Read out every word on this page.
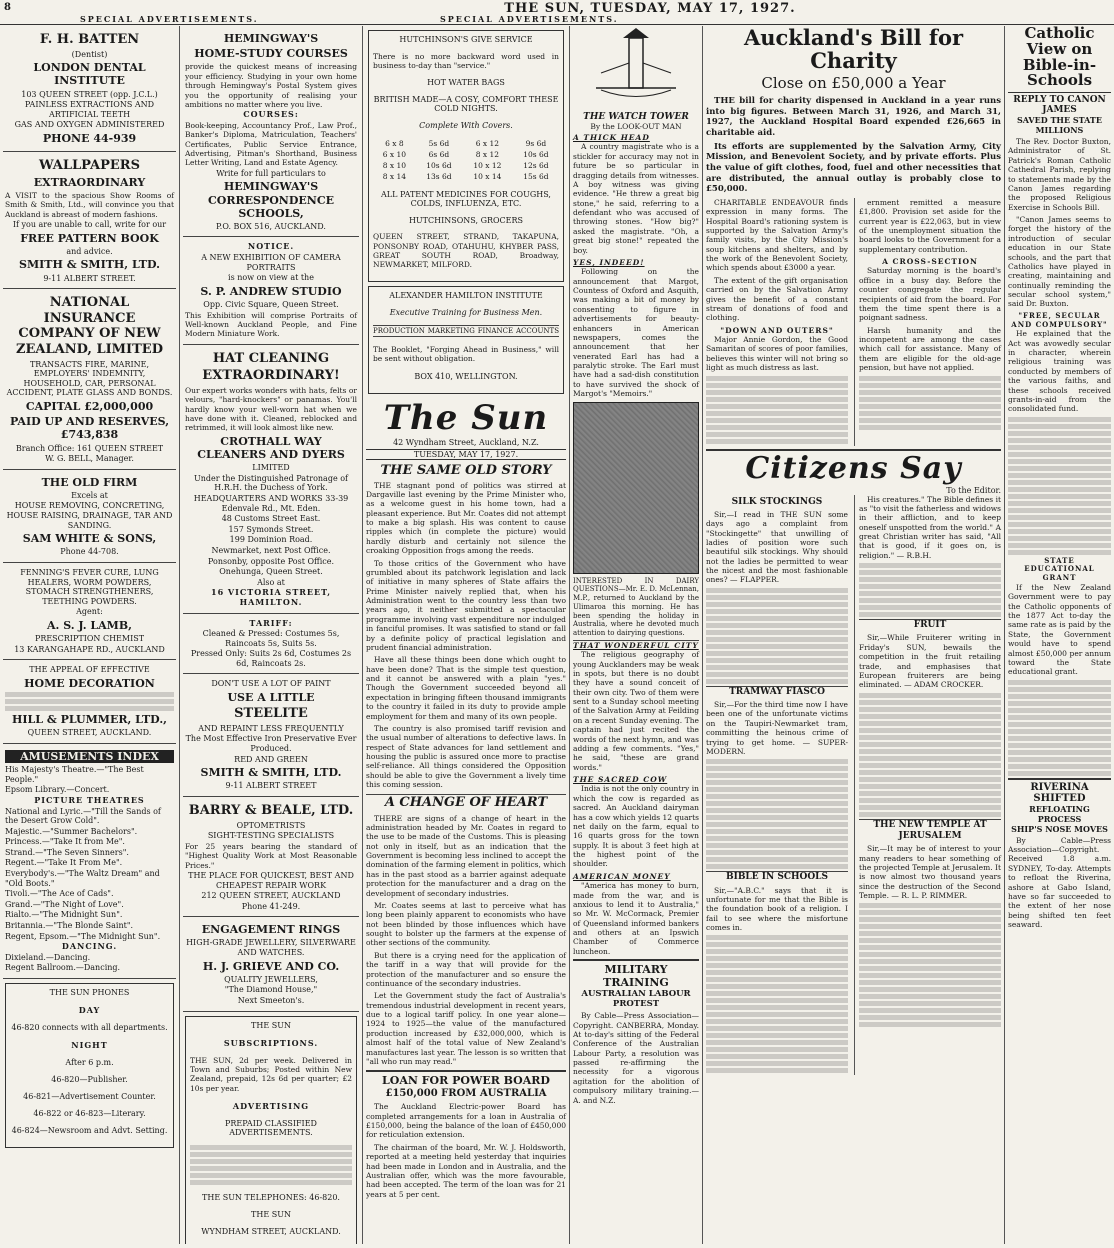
8	THE SUN, TUESDAY, MAY 17, 1927.
SPECIAL ADVERTISEMENTS.	SPECIAL ADVERTISEMENTS.
F. H. BATTEN

(Dentist)

LONDON DENTAL INSTITUTE

103 QUEEN STREET (opp. J.C.L.)

PAINLESS EXTRACTIONS AND ARTIFICIAL TEETH

GAS AND OXYGEN ADMINISTERED

PHONE 44-939
WALLPAPERS
EXTRAORDINARY

A VISIT to the spacious Show Rooms of Smith & Smith, Ltd., will convince you that Auckland is abreast of modern fashions.

If you are unable to call, write for our

FREE PATTERN BOOK

and advice.

SMITH & SMITH, LTD.

9-11 ALBERT STREET.

NATIONAL INSURANCE COMPANY OF NEW ZEALAND, LIMITED

TRANSACTS FIRE, MARINE, EMPLOYERS' INDEMNITY, HOUSEHOLD, CAR, PERSONAL ACCIDENT, PLATE GLASS AND BONDS.

CAPITAL £2,000,000
PAID UP AND RESERVES, £743,838

Branch Office: 161 QUEEN STREET

W. G. BELL, Manager.

THE OLD FIRM

Excels at

HOUSE REMOVING, CONCRETING, HOUSE RAISING, DRAINAGE, TAR AND SANDING.

SAM WHITE & SONS,

Phone 44-708.

FENNING'S FEVER CURE, LUNG HEALERS, WORM POWDERS, STOMACH STRENGTHENERS, TEETHING POWDERS.

Agent:

A. S. J. LAMB,

PRESCRIPTION CHEMIST

13 KARANGAHAPE RD., AUCKLAND

THE APPEAL OF EFFECTIVE

HOME DECORATION
HILL & PLUMMER, LTD.,

QUEEN STREET, AUCKLAND.

AMUSEMENTS INDEX

His Majesty's Theatre.—"The Best People."

Epsom Library.—Concert.

PICTURE THEATRES

National and Lyric.—"Till the Sands of the Desert Grow Cold".

Majestic.—"Summer Bachelors".

Princess.—"Take It from Me".

Strand.—"The Seven Sinners".

Regent.—"Take It From Me".

Everybody's.—"The Waltz Dream" and "Old Boots."

Tivoli.—"The Ace of Cads".

Grand.—"The Night of Love".

Rialto.—"The Midnight Sun".

Britannia.—"The Blonde Saint".

Regent, Epsom.—"The Midnight Sun".

DANCING.

Dixieland.—Dancing.

Regent Ballroom.—Dancing.

THE SUN PHONES

DAY

46-820 connects with all departments.

NIGHT

After 6 p.m.

46-820—Publisher.

46-821—Advertisement Counter.

46-822 or 46-823—Literary.

46-824—Newsroom and Advt. Setting.

HEMINGWAY'S
HOME-STUDY COURSES

provide the quickest means of increasing your efficiency. Studying in your own home through Hemingway's Postal System gives you the opportunity of realising your ambitions no matter where you live.

COURSES:

Book-keeping, Accountancy Prof., Law Prof., Banker's Diploma, Matriculation, Teachers' Certificates, Public Service Entrance, Advertising, Pitman's Shorthand, Business Letter Writing, Land and Estate Agency.

Write for full particulars to

HEMINGWAY'S CORRESPONDENCE SCHOOLS,

P.O. BOX 516, AUCKLAND.

NOTICE.

A NEW EXHIBITION OF CAMERA PORTRAITS

is now on view at the

S. P. ANDREW STUDIO

Opp. Civic Square, Queen Street.

This Exhibition will comprise Portraits of Well-known Auckland People, and Fine Modern Miniature Work.

HAT CLEANING
EXTRAORDINARY!

Our expert works wonders with hats, felts or velours, "hard-knockers" or panamas. You'll hardly know your well-worn hat when we have done with it. Cleaned, reblocked and retrimmed, it will look almost like new.

CROTHALL WAY CLEANERS AND DYERS

LIMITED

Under the Distinguished Patronage of H.R.H. the Duchess of York.

HEADQUARTERS AND WORKS 33-39 Edenvale Rd., Mt. Eden.

48 Customs Street East.

157 Symonds Street.

199 Dominion Road.

Newmarket, next Post Office.

Ponsonby, opposite Post Office.

Onehunga, Queen Street.

Also at

16 VICTORIA STREET, HAMILTON.

TARIFF:

Cleaned & Pressed: Costumes 5s, Raincoats 5s, Suits 5s.

Pressed Only: Suits 2s 6d, Costumes 2s 6d, Raincoats 2s.

DON'T USE A LOT OF PAINT

USE A LITTLE
STEELITE

AND REPAINT LESS FREQUENTLY

The Most Effective Iron Preservative Ever Produced.

RED AND GREEN

SMITH & SMITH, LTD.

9-11 ALBERT STREET

BARRY & BEALE, LTD.

OPTOMETRISTS

SIGHT-TESTING SPECIALISTS

For 25 years bearing the standard of "Highest Quality Work at Most Reasonable Prices."

THE PLACE FOR QUICKEST, BEST AND CHEAPEST REPAIR WORK

212 QUEEN STREET, AUCKLAND

Phone 41-249.

ENGAGEMENT RINGS

HIGH-GRADE JEWELLERY, SILVERWARE AND WATCHES.

H. J. GRIEVE AND CO.

QUALITY JEWELLERS,

"The Diamond House,"

Next Smeeton's.

THE SUN

SUBSCRIPTIONS.

THE SUN, 2d per week. Delivered in Town and Suburbs; Posted within New Zealand, prepaid, 12s 6d per quarter; £2 10s per year.

ADVERTISING

PREPAID CLASSIFIED ADVERTISEMENTS.

THE SUN TELEPHONES: 46-820.

THE SUN

WYNDHAM STREET, AUCKLAND.

HUTCHINSON'S GIVE SERVICE

There is no more backward word used in business to-day than "service."

HOT WATER BAGS

BRITISH MADE—A COSY, COMFORT THESE COLD NIGHTS.

Complete With Covers.

6 x 8	5s 6d	6 x 12	9s 6d
6 x 10	6s 6d	8 x 12	10s 6d
8 x 10	10s 6d	10 x 12	12s 6d
8 x 14	13s 6d	10 x 14	15s 6d

ALL PATENT MEDICINES FOR COUGHS, COLDS, INFLUENZA, ETC.

HUTCHINSONS, GROCERS

QUEEN STREET, STRAND, TAKAPUNA, PONSONBY ROAD, OTAHUHU, KHYBER PASS, GREAT SOUTH ROAD, Broadway, NEWMARKET, MILFORD.

ALEXANDER HAMILTON INSTITUTE

Executive Training for Business Men.

PRODUCTION MARKETING FINANCE ACCOUNTS

The Booklet, "Forging Ahead in Business," will be sent without obligation.

BOX 410, WELLINGTON.

The Sun
42 Wyndham Street, Auckland, N.Z.
TUESDAY, MAY 17, 1927.
THE SAME OLD STORY

THE stagnant pond of politics was stirred at Dargaville last evening by the Prime Minister who, as a welcome guest in his home town, had a pleasant experience. But Mr. Coates did not attempt to make a big splash. His was content to cause ripples which (in complete the picture) would hardly disturb and certainly not silence the croaking Opposition frogs among the reeds.

To those critics of the Government who have grumbled about its patchwork legislation and lack of initiative in many spheres of State affairs the Prime Minister naively replied that, when his Administration went to the country less than two years ago, it neither submitted a spectacular programme involving vast expenditure nor indulged in fanciful promises. It was satisfied to stand or fall by a definite policy of practical legislation and prudent financial administration.

Have all these things been done which ought to have been done? That is the simple test question, and it cannot be answered with a plain "yes." Though the Government succeeded beyond all expectation in bringing fifteen thousand immigrants to the country it failed in its duty to provide ample employment for them and many of its own people.

The country is also promised tariff revision and the usual number of alterations to defective laws. In respect of State advances for land settlement and housing the public is assured once more to practise self-reliance. All things considered the Opposition should be able to give the Government a lively time this coming session.

A CHANGE OF HEART

THERE are signs of a change of heart in the administration headed by Mr. Coates in regard to the use to be made of the Customs. This is pleasing not only in itself, but as an indication that the Government is becoming less inclined to accept the domination of the farming element in politics, which has in the past stood as a barrier against adequate protection for the manufacturer and a drag on the development of secondary industries.

Mr. Coates seems at last to perceive what has long been plainly apparent to economists who have not been blinded by those influences which have sought to bolster up the farmers at the expense of other sections of the community.

But there is a crying need for the application of the tariff in a way that will provide for the protection of the manufacturer and so ensure the continuance of the secondary industries.

Let the Government study the fact of Australia's tremendous industrial development in recent years, due to a logical tariff policy. In one year alone—1924 to 1925—the value of the manufactured production increased by £32,000,000, which is almost half of the total value of New Zealand's manufactures last year. The lesson is so written that "all who run may read."

LOAN FOR POWER BOARD
£150,000 FROM AUSTRALIA

The Auckland Electric-power Board has completed arrangements for a loan in Australia of £150,000, being the balance of the loan of £450,000 for reticulation extension.

The chairman of the board, Mr. W. J. Holdsworth, reported at a meeting held yesterday that inquiries had been made in London and in Australia, and the Australian offer, which was the more favourable, had been accepted. The term of the loan was for 21 years at 5 per cent.

THE WATCH TOWER
By the LOOK-OUT MAN
A THICK HEAD

A country magistrate who is a stickler for accuracy may not in future be so particular in dragging details from witnesses. A boy witness was giving evidence. "He threw a great big stone," he said, referring to a defendant who was accused of throwing stones. "How big?" asked the magistrate. "Oh, a great big stone!" repeated the boy.

YES, INDEED!

Following on the announcement that Margot, Countess of Oxford and Asquith, was making a bit of money by consenting to figure in advertisements for beauty-enhancers in American newspapers, comes the announcement that her venerated Earl has had a paralytic stroke. The Earl must have had a sad-dish constitution to have survived the shock of Margot's "Memoirs."

INTERESTED IN DAIRY QUESTIONS—Mr. E. D. McLennan, M.P., returned to Auckland by the Ulimaroa this morning. He has been spending the holiday in Australia, where he devoted much attention to dairying questions.
THAT WONDERFUL CITY

The religious geography of young Aucklanders may be weak in spots, but there is no doubt they have a sound conceit of their own city. Two of them were sent to a Sunday school meeting of the Salvation Army at Feilding on a recent Sunday evening. The captain had just recited the words of the next hymn, and was adding a few comments. "Yes," he said, "these are grand words."

THE SACRED COW

India is not the only country in which the cow is regarded as sacred. An Auckland dairyman has a cow which yields 12 quarts net daily on the farm, equal to 16 quarts gross for the town supply. It is about 3 feet high at the highest point of the shoulder.

AMERICAN MONEY

"America has money to burn, made from the war, and is anxious to lend it to Australia," so Mr. W. McCormack, Premier of Queensland informed bankers and others at an Ipswich Chamber of Commerce luncheon.

MILITARY TRAINING
AUSTRALIAN LABOUR PROTEST

By Cable—Press Association—Copyright. CANBERRA, Monday. At to-day's sitting of the Federal Conference of the Australian Labour Party, a resolution was passed re-affirming the necessity for a vigorous agitation for the abolition of compulsory military training.—A. and N.Z.

Auckland's Bill for Charity
Close on £50,000 a Year

THE bill for charity dispensed in Auckland in a year runs into big figures. Between March 31, 1926, and March 31, 1927, the Auckland Hospital Board expended £26,665 in charitable aid.

Its efforts are supplemented by the Salvation Army, City Mission, and Benevolent Society, and by private efforts. Plus the value of gift clothes, food, fuel and other necessities that are distributed, the annual outlay is probably close to £50,000.

CHARITABLE ENDEAVOUR finds expression in many forms. The Hospital Board's rationing system is supported by the Salvation Army's family visits, by the City Mission's soup kitchens and shelters, and by the work of the Benevolent Society, which spends about £3000 a year.

The extent of the gift organisation carried on by the Salvation Army gives the benefit of a constant stream of donations of food and clothing.

"DOWN AND OUTERS"

Major Annie Gordon, the Good Samaritan of scores of poor families, believes this winter will not bring so light as much distress as last.

ernment remitted a measure £1,800. Provision set aside for the current year is £22,063, but in view of the unemployment situation the board looks to the Government for a supplementary contribution.

A CROSS-SECTION

Saturday morning is the board's office in a busy day. Before the counter congregate the regular recipients of aid from the board. For them the time spent there is a poignant sadness.

Harsh humanity and the incompetent are among the cases which call for assistance. Many of them are eligible for the old-age pension, but have not applied.

Citizens Say
To the Editor.
SILK STOCKINGS

Sir,—I read in THE SUN some days ago a complaint from "Stockingette" that unwilling of ladies of position wore such beautiful silk stockings. Why should not the ladies be permitted to wear the nicest and the most fashionable ones? — FLAPPER.

TRAMWAY FIASCO

Sir,—For the third time now I have been one of the unfortunate victims on the Taupiri-Newmarket tram, committing the heinous crime of trying to get home. — SUPER-MODERN.

BIBLE IN SCHOOLS

Sir,—"A.B.C." says that it is unfortunate for me that the Bible is the foundation book of a religion. I fail to see where the misfortune comes in.

His creatures." The Bible defines it as "to visit the fatherless and widows in their affliction, and to keep oneself unspotted from the world." A great Christian writer has said, "All that is good, if it goes on, is religion." — R.B.H.

FRUIT

Sir,—While Fruiterer writing in Friday's SUN, bewails the competition in the fruit retailing trade, and emphasises that European fruiterers are being eliminated. — ADAM CROCKER.

THE NEW TEMPLE AT JERUSALEM

Sir,—It may be of interest to your many readers to hear something of the projected Temple at Jerusalem. It is now almost two thousand years since the destruction of the Second Temple. — R. L. P. RIMMER.

Catholic View on
Bible-in-Schools
REPLY TO CANON JAMES
SAVED THE STATE MILLIONS

The Rev. Doctor Buxton, Administrator of St. Patrick's Roman Catholic Cathedral Parish, replying to statements made by the Canon James regarding the proposed Religious Exercise in Schools Bill.

"Canon James seems to forget the history of the introduction of secular education in our State schools, and the part that Catholics have played in creating, maintaining and continually reminding the secular school system," said Dr. Buxton.

"FREE, SECULAR AND COMPULSORY"

He explained that the Act was avowedly secular in character, wherein religious training was conducted by members of the various faiths, and these schools received grants-in-aid from the consolidated fund.

STATE EDUCATIONAL GRANT

If the New Zealand Government were to pay the Catholic opponents of the 1877 Act to-day the same rate as is paid by the State, the Government would have to spend almost £50,000 per annum toward the State educational grant.

RIVERINA SHIFTED
REFLOATING PROCESS
SHIP'S NOSE MOVES

By Cable—Press Association—Copyright. Received 1.8 a.m. SYDNEY, To-day. Attempts to refloat the Riverina, ashore at Gabo Island, have so far succeeded to the extent of her nose being shifted ten feet seaward.
